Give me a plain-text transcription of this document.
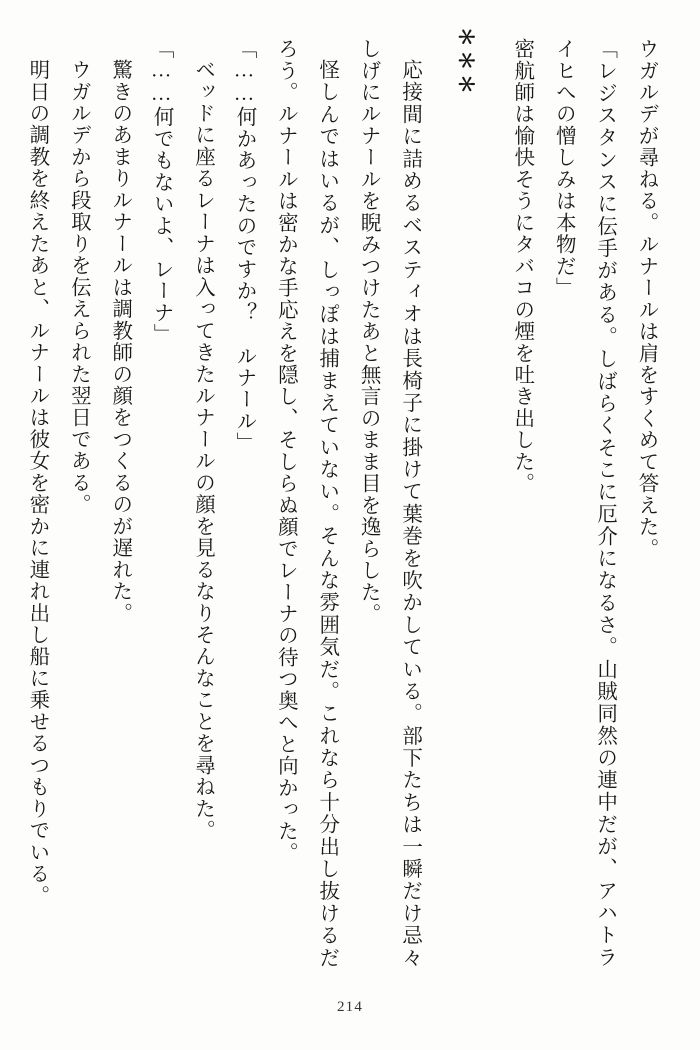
ウガルデが尋ねる。ルナールは肩をすくめて答えた。

「レジスタンスに伝手がある。しばらくそこに厄介になるさ。山賊同然の連中だが、アハトライヒへの憎しみは本物だ」

密航師は愉快そうにタバコの煙を吐き出した。

＊＊＊

応接間に詰めるベスティオは長椅子に掛けて葉巻を吹かしている。部下たちは一瞬だけ忌々しげにルナールを睨みつけたあと無言のまま目を逸らした。

怪しんではいるが、しっぽは捕まえていない。そんな雰囲気だ。これなら十分出し抜けるだろう。ルナールは密かな手応えを隠し、そしらぬ顔でレーナの待つ奥へと向かった。

「……何かあったのですか？　ルナール」

ベッドに座るレーナは入ってきたルナールの顔を見るなりそんなことを尋ねた。

「……何でもないよ、レーナ」

驚きのあまりルナールは調教師の顔をつくるのが遅れた。

ウガルデから段取りを伝えられた翌日である。

明日の調教を終えたあと、ルナールは彼女を密かに連れ出し船に乗せるつもりでいる。

214
